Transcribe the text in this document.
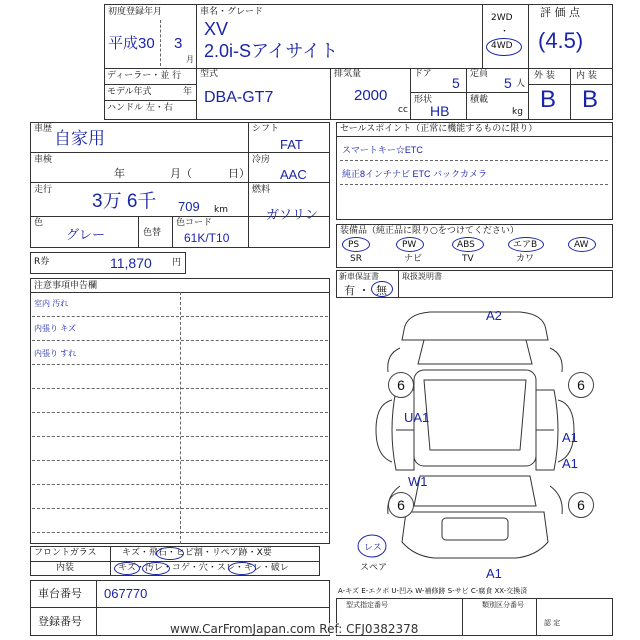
初度登録年月
平成30 3
月
車名・グレード
XV
2.0i-Sアイサイト
2WD
・
4WD
評 価 点
(4.5)
ディーラー・並 行
モデル年式	年
ハンドル 左・右
型式
DBA-GT7
排気量
2000
cc
ドア
5
定員
5 人
形状
HB
積載
kg
外 装 内 装
B B
車歴 自家用
車検
年	月（	日）
走行
3万 6千 709 km
色
グレー	色替
色コード
61K/T10
シフト
FAT
冷房
AAC
燃料
ガソリン
R券	11,870 円
セールスポイント（正常に機能するものに限り）
スマートキー☆ETC
純正8インチナビ ETC バックカメラ
装備品（純正品に限り○をつけてください）
PS	PW	ABS	エアB	AW
SR	ナビ	TV	カワ
新車保証書	取扱説明書
有 ・ 無
注意事項申告欄
室内 汚れ
内張り キズ
内張り すれ
A2
UA1
A1
A1
W1
A1
レス
スペア
6	6
6	6
A-キズ E-エクボ U-凹み W-補修跡 S-サビ C-腐食 XX-交換済
型式指定番号	類別区分番号
認 定
フロントガラス	キズ・飛石・ヒビ割・リペア跡・X要
内装	キズ・汚レ・コゲ・穴・スレ・キレ・破レ
車台番号 067770
登録番号
www.CarFromJapan.com Ref: CFJ0382378
